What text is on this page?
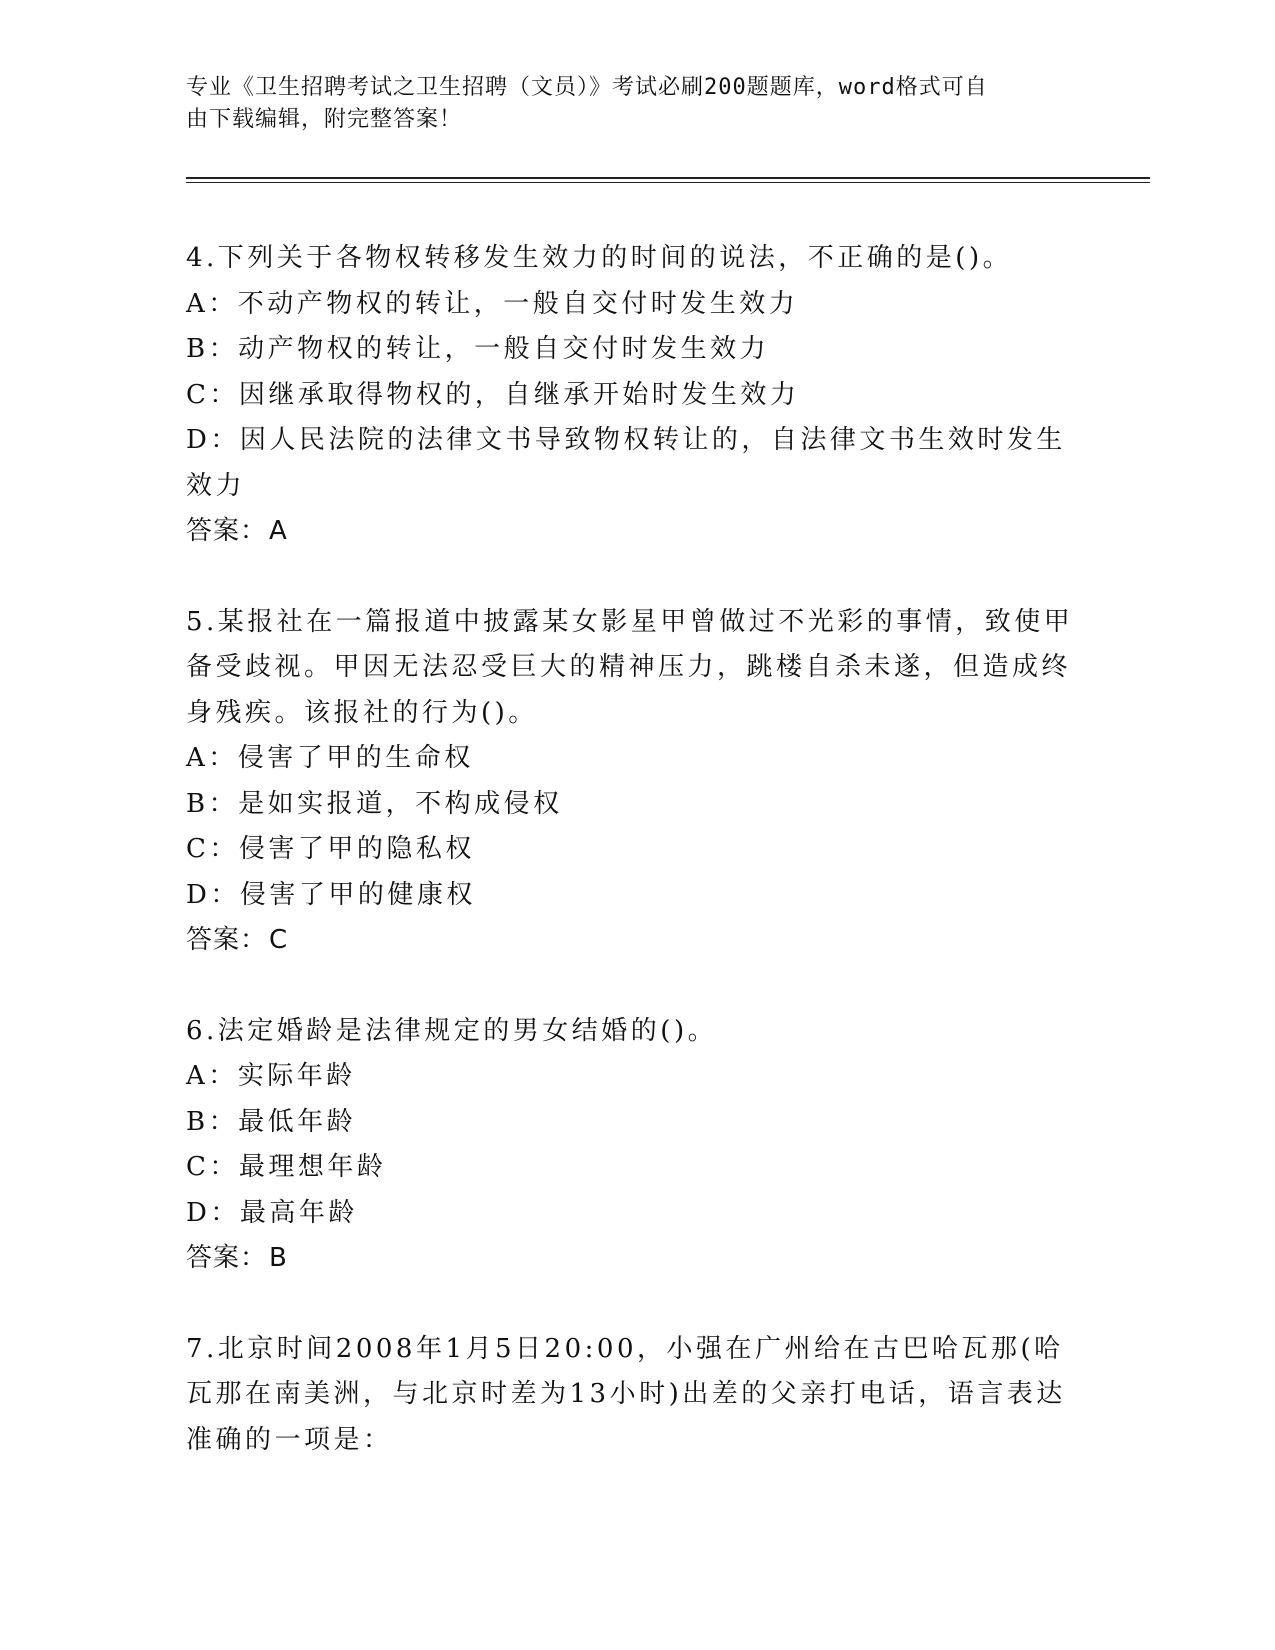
专业《卫生招聘考试之卫生招聘（文员）》考试必刷200题题库，word格式可自
由下载编辑，附完整答案！

4.下列关于各物权转移发生效力的时间的说法，不正确的是()。

A：不动产物权的转让，一般自交付时发生效力

B：动产物权的转让，一般自交付时发生效力

C：因继承取得物权的，自继承开始时发生效力

D：因人民法院的法律文书导致物权转让的，自法律文书生效时发生效力

答案：A

5.某报社在一篇报道中披露某女影星甲曾做过不光彩的事情，致使甲备受歧视。甲因无法忍受巨大的精神压力，跳楼自杀未遂，但造成终身残疾。该报社的行为()。

A：侵害了甲的生命权

B：是如实报道，不构成侵权

C：侵害了甲的隐私权

D：侵害了甲的健康权

答案：C

6.法定婚龄是法律规定的男女结婚的()。

A：实际年龄

B：最低年龄

C：最理想年龄

D：最高年龄

答案：B

7.北京时间2008年1月5日20:00，小强在广州给在古巴哈瓦那(哈瓦那在南美洲，与北京时差为13小时)出差的父亲打电话，语言表达准确的一项是：
